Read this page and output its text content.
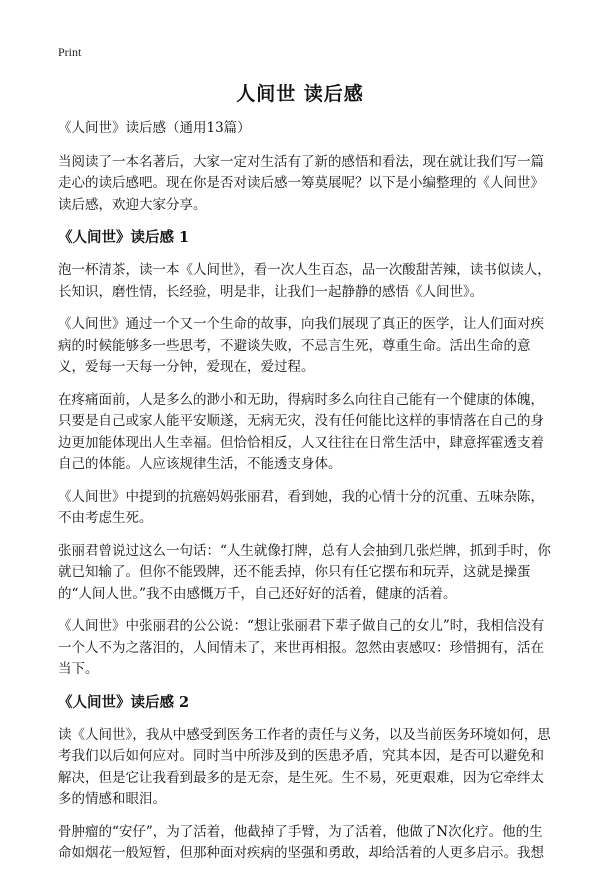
Print
人间世 读后感
《人间世》读后感（通用13篇）

当阅读了一本名著后，大家一定对生活有了新的感悟和看法，现在就让我们写一篇走心的读后感吧。现在你是否对读后感一筹莫展呢？以下是小编整理的《人间世》读后感，欢迎大家分享。

《人间世》读后感 1

泡一杯清茶，读一本《人间世》，看一次人生百态，品一次酸甜苦辣，读书似读人，长知识，磨性情，长经验，明是非，让我们一起静静的感悟《人间世》。

《人间世》通过一个又一个生命的故事，向我们展现了真正的医学，让人们面对疾病的时候能够多一些思考，不避谈失败，不忌言生死，尊重生命。活出生命的意义，爱每一天每一分钟，爱现在，爱过程。

在疼痛面前，人是多么的渺小和无助，得病时多么向往自己能有一个健康的体魄，只要是自己或家人能平安顺遂，无病无灾，没有任何能比这样的事情落在自己的身边更加能体现出人生幸福。但恰恰相反，人又往往在日常生活中，肆意挥霍透支着自己的体能。人应该规律生活，不能透支身体。

《人间世》中提到的抗癌妈妈张丽君，看到她，我的心情十分的沉重、五味杂陈，不由考虑生死。

张丽君曾说过这么一句话：“人生就像打牌，总有人会抽到几张烂牌，抓到手时，你就已知输了。但你不能毁牌，还不能丢掉，你只有任它摆布和玩弄，这就是操蛋的“人间人世。”我不由感慨万千，自己还好好的活着，健康的活着。

《人间世》中张丽君的公公说：“想让张丽君下辈子做自己的女儿”时，我相信没有一个人不为之落泪的，人间情未了，来世再相报。忽然由衷感叹：珍惜拥有，活在当下。

《人间世》读后感 2

读《人间世》，我从中感受到医务工作者的责任与义务，以及当前医务环境如何，思考我们以后如何应对。同时当中所涉及到的医患矛盾，究其本因，是否可以避免和解决，但是它让我看到最多的是无奈，是生死。生不易，死更艰难，因为它牵绊太多的情感和眼泪。

骨肿瘤的“安仔”，为了活着，他截掉了手臂，为了活着，他做了N次化疗。他的生命如烟花一般短暂，但那种面对疾病的坚强和勇敢，却给活着的人更多启示。我想
